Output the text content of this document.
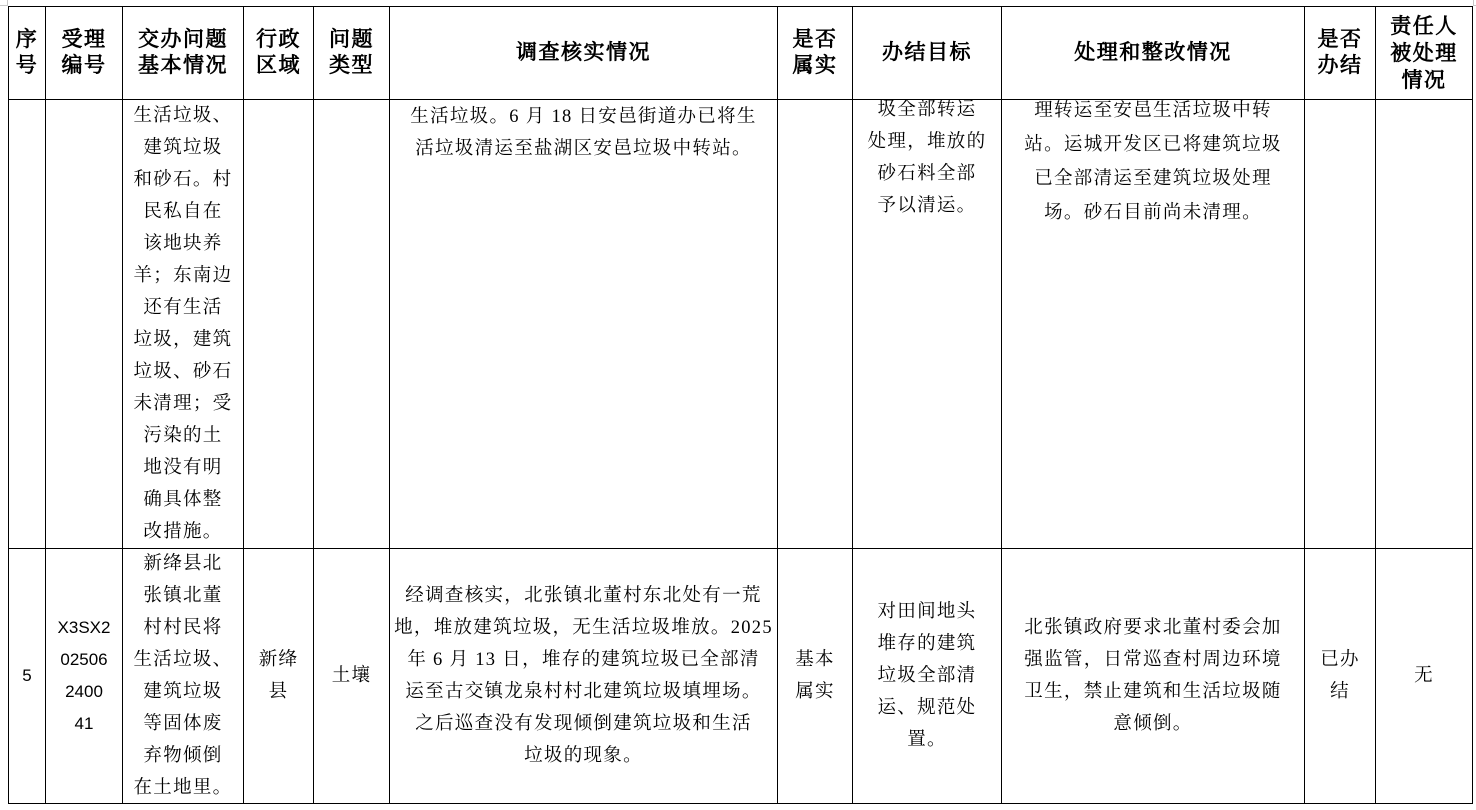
序
号
受理
编号
交办问题
基本情况
行政
区域
问题
类型
调查核实情况
是否
属实
办结目标	处理和整改情况
是否
办结
责任人
被处理
情况
生活垃圾、
建筑垃圾
和砂石。村
民私自在
该地块养
羊；东南边
还有生活
垃圾，建筑
垃圾、砂石
未清理；受
污染的土
地没有明
确具体整
改措施。
生活垃圾。6 月 18 日安邑街道办已将生
活垃圾清运至盐湖区安邑垃圾中转站。
圾全部转运
处理，堆放的
砂石料全部
予以清运。
理转运至安邑生活垃圾中转
站。运城开发区已将建筑垃圾
已全部清运至建筑垃圾处理
场。砂石目前尚未清理。
5
X3SX2
02506
2400
41
新绛县北
张镇北董
村村民将
生活垃圾、
建筑垃圾
等固体废
弃物倾倒
在土地里。
新绛
县
土壤
经调查核实，北张镇北董村东北处有一荒
地，堆放建筑垃圾，无生活垃圾堆放。2025
年 6 月 13 日，堆存的建筑垃圾已全部清
运至古交镇龙泉村村北建筑垃圾填埋场。
之后巡查没有发现倾倒建筑垃圾和生活
垃圾的现象。
基本
属实
对田间地头
堆存的建筑
垃圾全部清
运、规范处
置。
北张镇政府要求北董村委会加
强监管，日常巡查村周边环境
卫生，禁止建筑和生活垃圾随
意倾倒。
已办
结
无
